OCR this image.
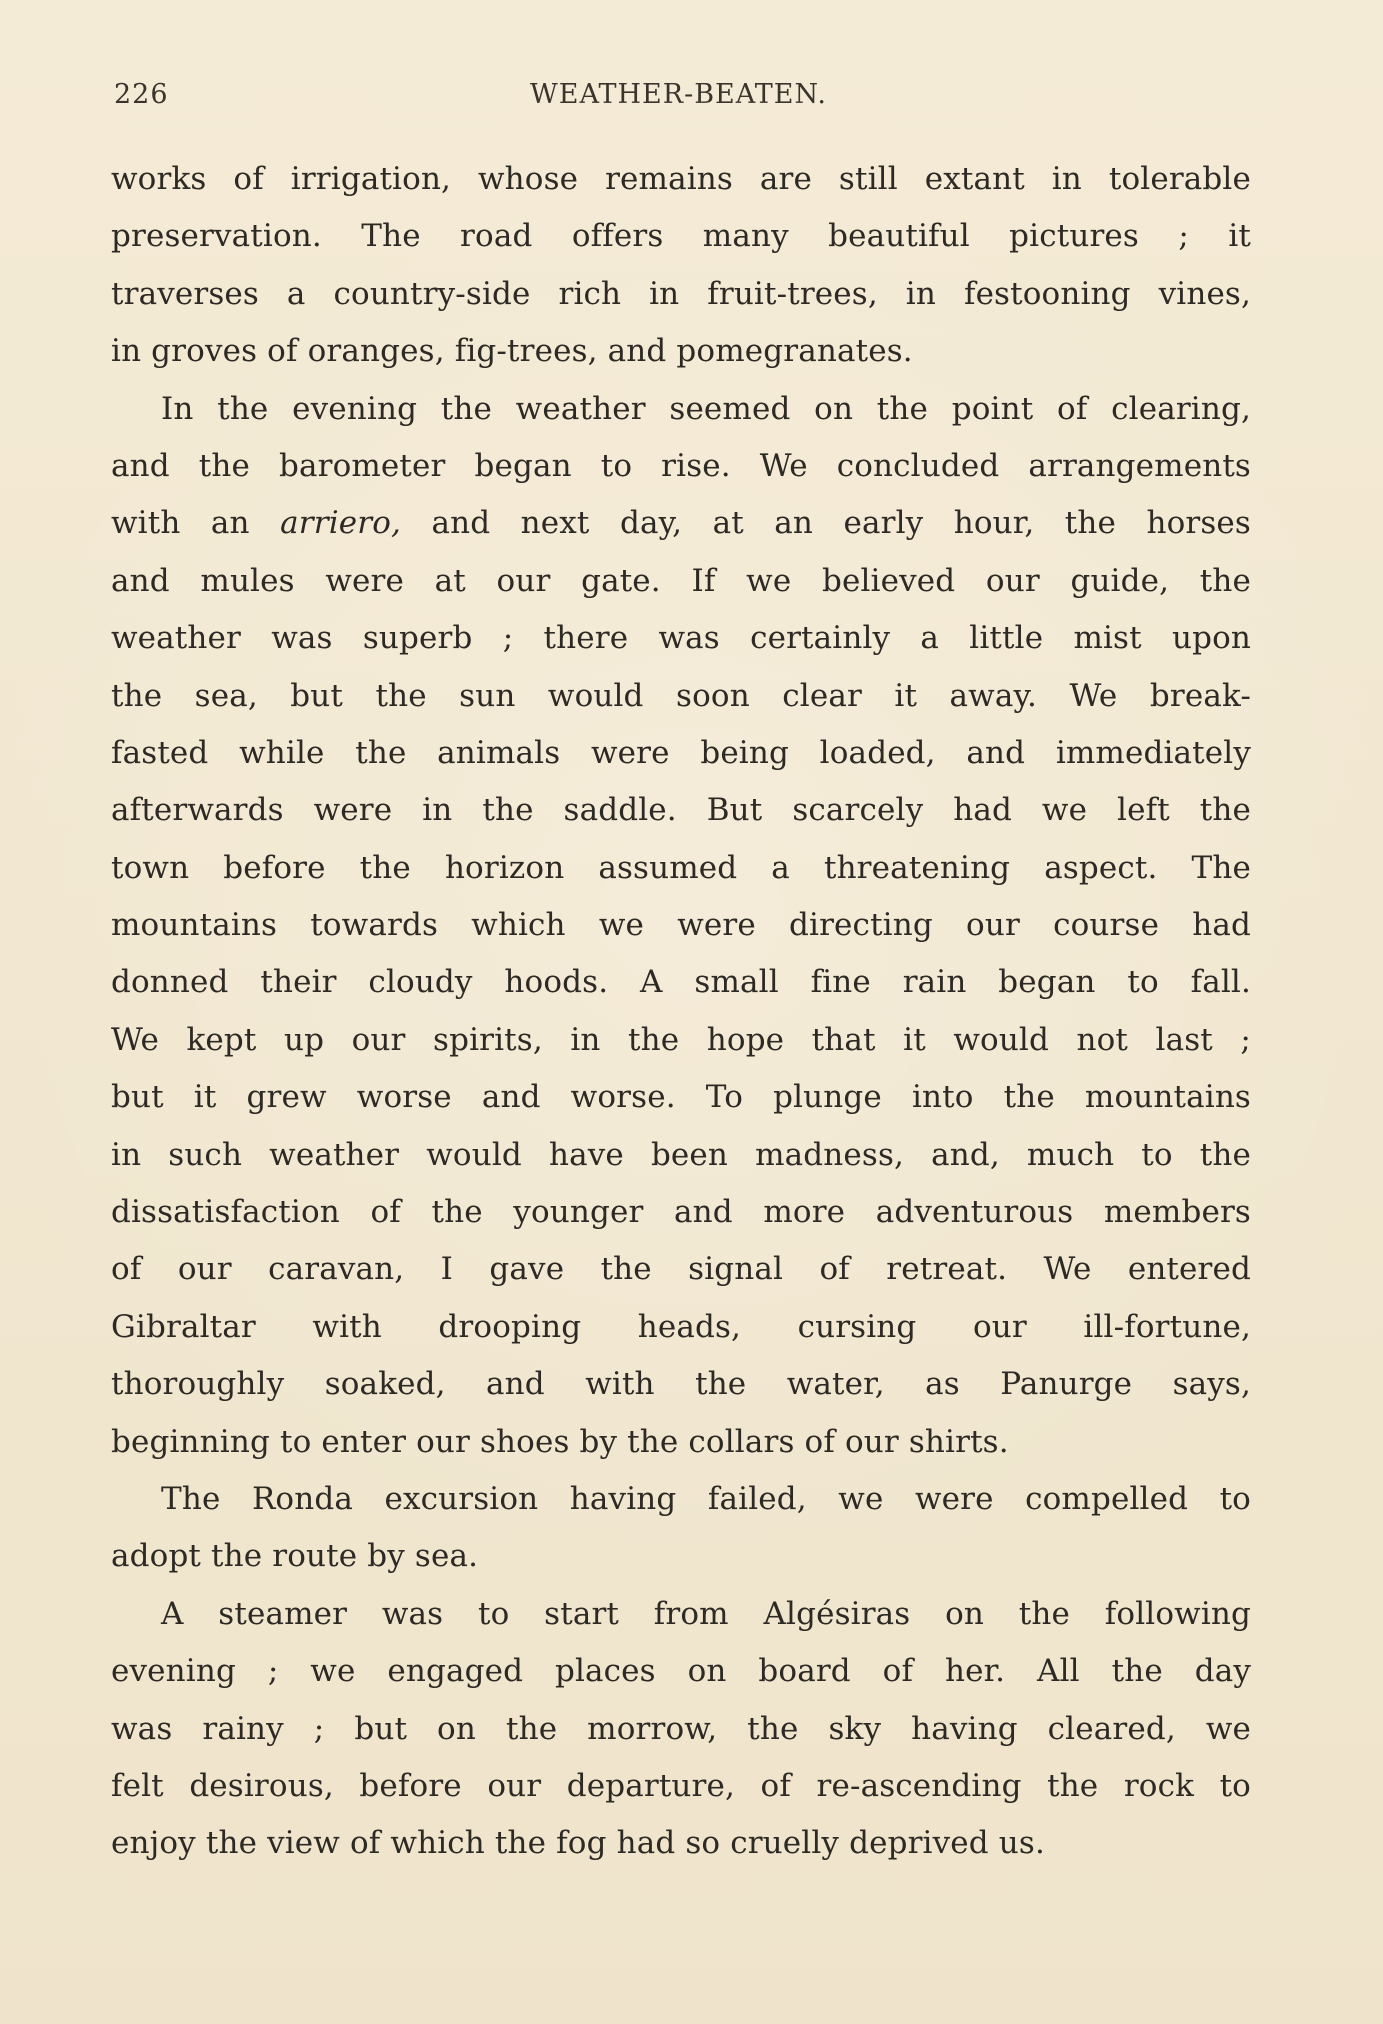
226	WEATHER-BEATEN.
works of irrigation, whose remains are still extant in tolerable
preservation. The road offers many beautiful pictures ; it
traverses a country-side rich in fruit-trees, in festooning vines,
in groves of oranges, fig-trees, and pomegranates.
In the evening the weather seemed on the point of clearing,
and the barometer began to rise. We concluded arrangements
with an arriero, and next day, at an early hour, the horses
and mules were at our gate. If we believed our guide, the
weather was superb ; there was certainly a little mist upon
the sea, but the sun would soon clear it away. We break-
fasted while the animals were being loaded, and immediately
afterwards were in the saddle. But scarcely had we left the
town before the horizon assumed a threatening aspect. The
mountains towards which we were directing our course had
donned their cloudy hoods. A small fine rain began to fall.
We kept up our spirits, in the hope that it would not last ;
but it grew worse and worse. To plunge into the mountains
in such weather would have been madness, and, much to the
dissatisfaction of the younger and more adventurous members
of our caravan, I gave the signal of retreat. We entered
Gibraltar with drooping heads, cursing our ill-fortune,
thoroughly soaked, and with the water, as Panurge says,
beginning to enter our shoes by the collars of our shirts.
The Ronda excursion having failed, we were compelled to
adopt the route by sea.
A steamer was to start from Algésiras on the following
evening ; we engaged places on board of her. All the day
was rainy ; but on the morrow, the sky having cleared, we
felt desirous, before our departure, of re-ascending the rock to
enjoy the view of which the fog had so cruelly deprived us.
